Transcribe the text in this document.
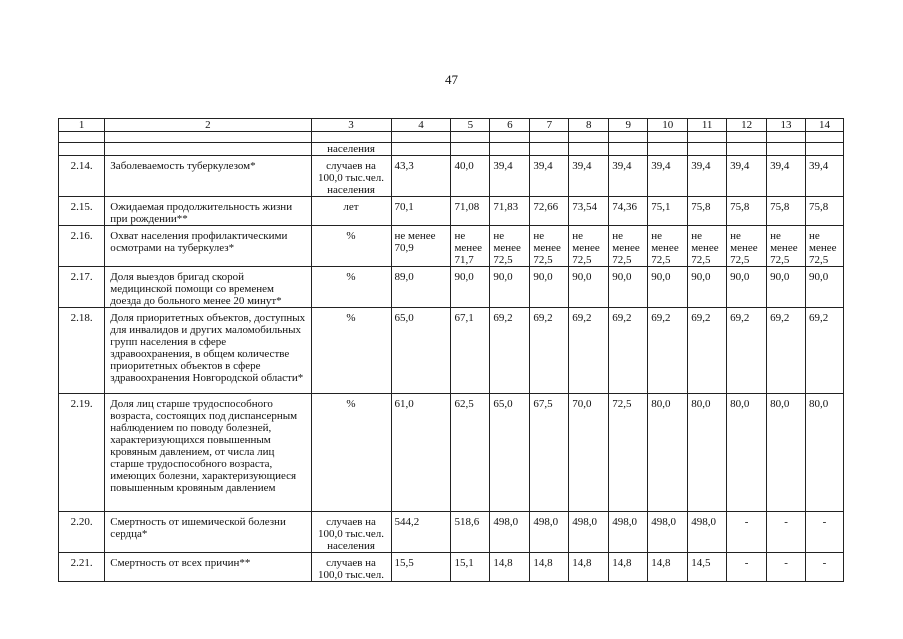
47
1	2	3	4	5	6	7	8	9	10	11	12	13	14

		населения											
2.14.	Заболеваемость туберкулезом*	случаев на 100,0 тыс.чел. населения	43,3	40,0	39,4	39,4	39,4	39,4	39,4	39,4	39,4	39,4	39,4
2.15.	Ожидаемая продолжительность жизни при рождении**	лет	70,1	71,08	71,83	72,66	73,54	74,36	75,1	75,8	75,8	75,8	75,8
2.16.	Охват населения профилактическими осмотрами на туберкулез*	%	не менее 70,9	не менее 71,7	не менее 72,5	не менее 72,5	не менее 72,5	не менее 72,5	не менее 72,5	не менее 72,5	не менее 72,5	не менее 72,5	не менее 72,5
2.17.	Доля выездов бригад скорой медицинской помощи со временем доезда до больного менее 20 минут*	%	89,0	90,0	90,0	90,0	90,0	90,0	90,0	90,0	90,0	90,0	90,0
2.18.	Доля приоритетных объектов, доступных для инвалидов и других маломобильных групп населения в сфере здравоохранения, в общем количестве приоритетных объектов в сфере здравоохранения Новгородской области*	%	65,0	67,1	69,2	69,2	69,2	69,2	69,2	69,2	69,2	69,2	69,2
2.19.	Доля лиц старше трудоспособного возраста, состоящих под диспансерным наблюдением по поводу болезней, характеризующихся повышенным кровяным давлением, от числа лиц старше трудоспособного возраста, имеющих болезни, характеризующиеся повышенным кровяным давлением	%	61,0	62,5	65,0	67,5	70,0	72,5	80,0	80,0	80,0	80,0	80,0
2.20.	Смертность от ишемической болезни сердца*	случаев на 100,0 тыс.чел. населения	544,2	518,6	498,0	498,0	498,0	498,0	498,0	498,0	-	-	-
2.21.	Смертность от всех причин**	случаев на 100,0 тыс.чел.	15,5	15,1	14,8	14,8	14,8	14,8	14,8	14,5	-	-	-
